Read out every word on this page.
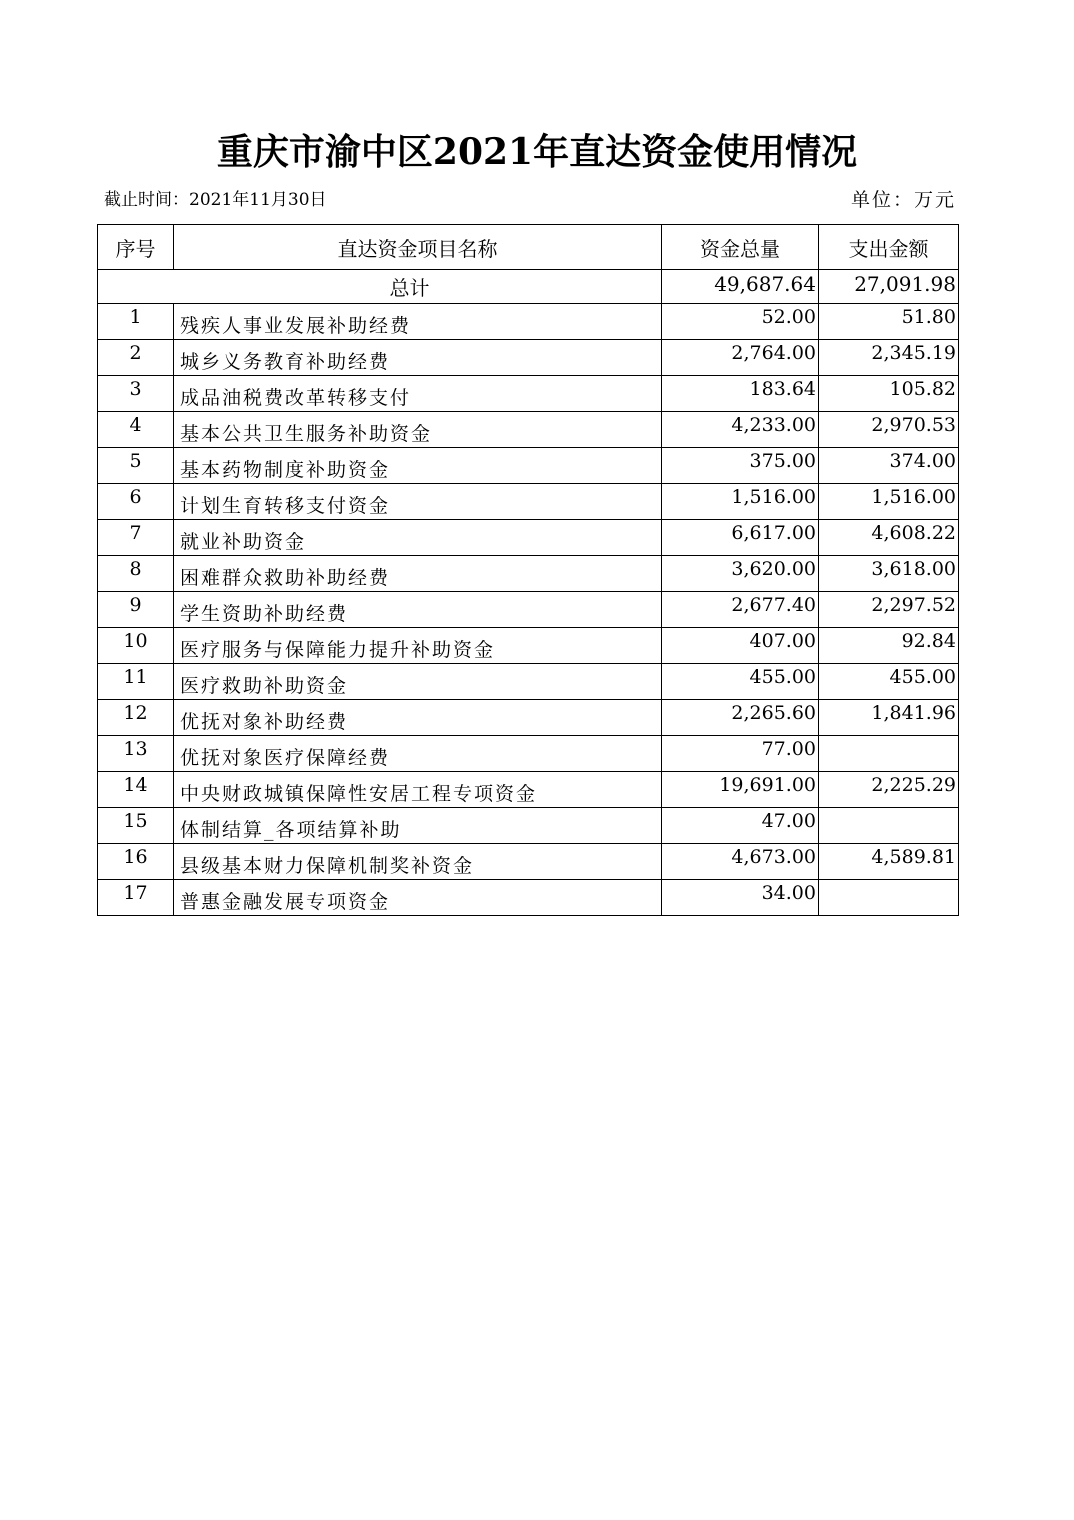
重庆市渝中区2021年直达资金使用情况
截止时间：2021年11月30日	单位：万元
序号	直达资金项目名称	资金总量	支出金额
总计		49,687.64	27,091.98
1	残疾人事业发展补助经费	52.00	51.80
2	城乡义务教育补助经费	2,764.00	2,345.19
3	成品油税费改革转移支付	183.64	105.82
4	基本公共卫生服务补助资金	4,233.00	2,970.53
5	基本药物制度补助资金	375.00	374.00
6	计划生育转移支付资金	1,516.00	1,516.00
7	就业补助资金	6,617.00	4,608.22
8	困难群众救助补助经费	3,620.00	3,618.00
9	学生资助补助经费	2,677.40	2,297.52
10	医疗服务与保障能力提升补助资金	407.00	92.84
11	医疗救助补助资金	455.00	455.00
12	优抚对象补助经费	2,265.60	1,841.96
13	优抚对象医疗保障经费	77.00	
14	中央财政城镇保障性安居工程专项资金	19,691.00	2,225.29
15	体制结算_各项结算补助	47.00	
16	县级基本财力保障机制奖补资金	4,673.00	4,589.81
17	普惠金融发展专项资金	34.00	
